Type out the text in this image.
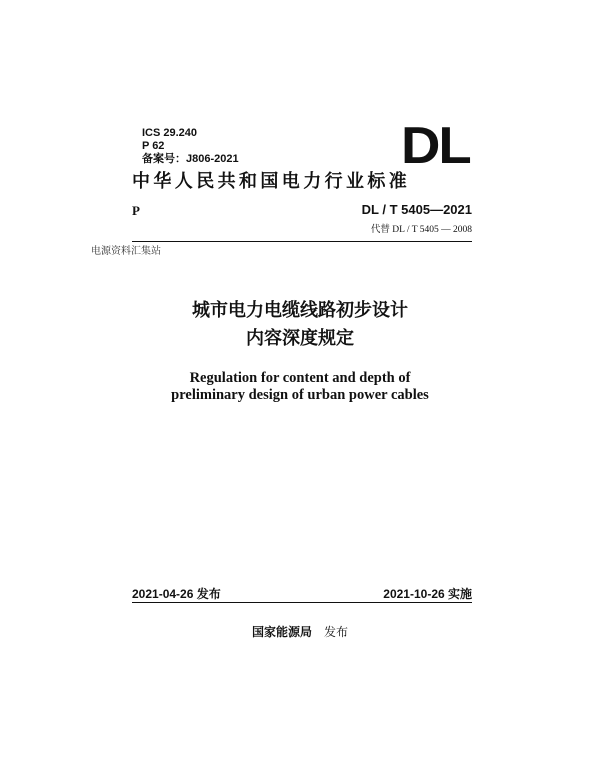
ICS 29.240
P 62
备案号：J806-2021	DL
中华人民共和国电力行业标准
P	DL / T 5405—2021
代替 DL / T 5405 — 2008
电源资料汇集站
城市电力电缆线路初步设计
内容深度规定
Regulation for content and depth of
preliminary design of urban power cables
2021-04-26 发布	2021-10-26 实施
国家能源局 发布
